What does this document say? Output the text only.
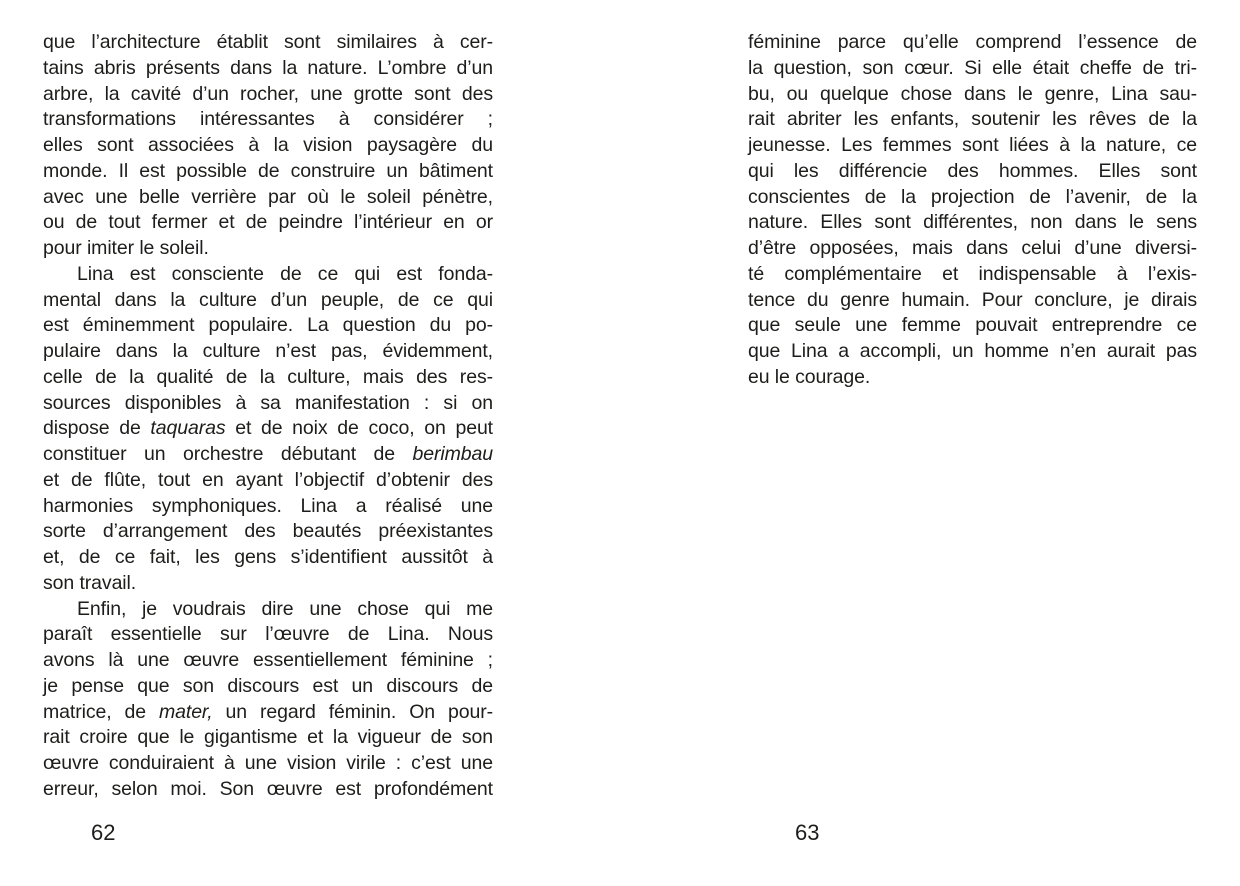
que l’architecture établit sont similaires à cer-
tains abris présents dans la nature. L’ombre d’un
arbre, la cavité d’un rocher, une grotte sont des
transformations intéressantes à considérer ;
elles sont associées à la vision paysagère du
monde. Il est possible de construire un bâtiment
avec une belle verrière par où le soleil pénètre,
ou de tout fermer et de peindre l’intérieur en or
pour imiter le soleil.
Lina est consciente de ce qui est fonda-
mental dans la culture d’un peuple, de ce qui
est éminemment populaire. La question du po-
pulaire dans la culture n’est pas, évidemment,
celle de la qualité de la culture, mais des res-
sources disponibles à sa manifestation : si on
dispose de taquaras et de noix de coco, on peut
constituer un orchestre débutant de berimbau
et de flûte, tout en ayant l’objectif d’obtenir des
harmonies symphoniques. Lina a réalisé une
sorte d’arrangement des beautés préexistantes
et, de ce fait, les gens s’identifient aussitôt à
son travail.
Enfin, je voudrais dire une chose qui me
paraît essentielle sur l’œuvre de Lina. Nous
avons là une œuvre essentiellement féminine ;
je pense que son discours est un discours de
matrice, de mater, un regard féminin. On pour-
rait croire que le gigantisme et la vigueur de son
œuvre conduiraient à une vision virile : c’est une
erreur, selon moi. Son œuvre est profondément
62
féminine parce qu’elle comprend l’essence de
la question, son cœur. Si elle était cheffe de tri-
bu, ou quelque chose dans le genre, Lina sau-
rait abriter les enfants, soutenir les rêves de la
jeunesse. Les femmes sont liées à la nature, ce
qui les différencie des hommes. Elles sont
conscientes de la projection de l’avenir, de la
nature. Elles sont différentes, non dans le sens
d’être opposées, mais dans celui d’une diversi-
té complémentaire et indispensable à l’exis-
tence du genre humain. Pour conclure, je dirais
que seule une femme pouvait entreprendre ce
que Lina a accompli, un homme n’en aurait pas
eu le courage.
63
